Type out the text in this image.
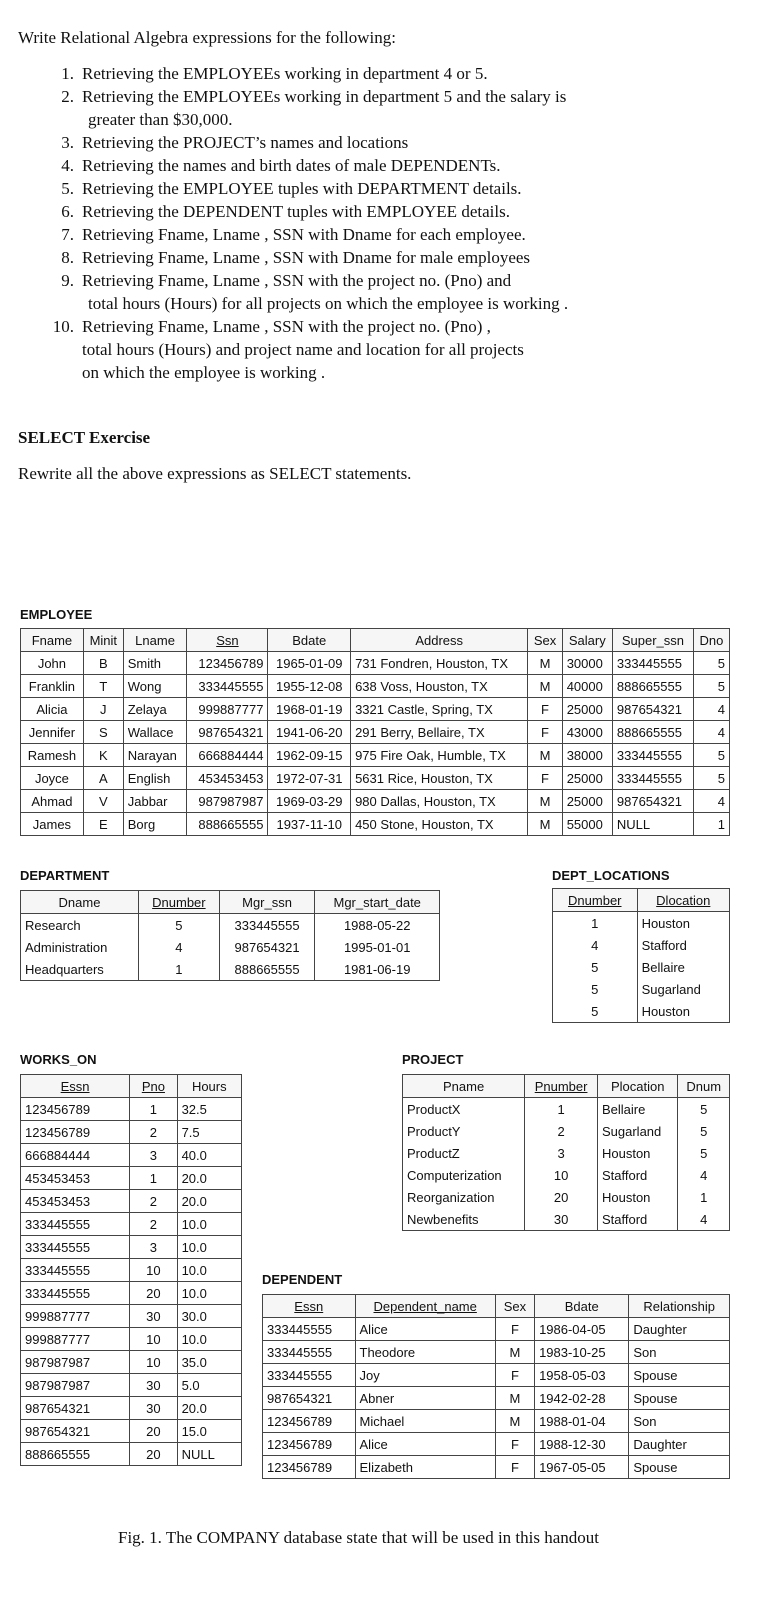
Write Relational Algebra expressions for the following:
1. Retrieving the EMPLOYEEs working in department 4 or 5.
2. Retrieving the EMPLOYEEs working in department 5 and the salary is
greater than $30,000.
3. Retrieving the PROJECT’s names and locations
4. Retrieving the names and birth dates of male DEPENDENTs.
5. Retrieving the EMPLOYEE tuples with DEPARTMENT details.
6. Retrieving the DEPENDENT tuples with EMPLOYEE details.
7. Retrieving Fname, Lname , SSN with Dname for each employee.
8. Retrieving Fname, Lname , SSN with Dname for male employees
9. Retrieving Fname, Lname , SSN with the project no. (Pno) and
total hours (Hours) for all projects on which the employee is working .
10. Retrieving Fname, Lname , SSN with the project no. (Pno) ,
total hours (Hours) and project name and location for all projects
on which the employee is working .
SELECT Exercise
Rewrite all the above expressions as SELECT statements.
EMPLOYEE
Fname	Minit	Lname	Ssn	Bdate	Address	Sex	Salary	Super_ssn	Dno
John	B	Smith	123456789	1965-01-09	731 Fondren, Houston, TX	M	30000	333445555	5
Franklin	T	Wong	333445555	1955-12-08	638 Voss, Houston, TX	M	40000	888665555	5
Alicia	J	Zelaya	999887777	1968-01-19	3321 Castle, Spring, TX	F	25000	987654321	4
Jennifer	S	Wallace	987654321	1941-06-20	291 Berry, Bellaire, TX	F	43000	888665555	4
Ramesh	K	Narayan	666884444	1962-09-15	975 Fire Oak, Humble, TX	M	38000	333445555	5
Joyce	A	English	453453453	1972-07-31	5631 Rice, Houston, TX	F	25000	333445555	5
Ahmad	V	Jabbar	987987987	1969-03-29	980 Dallas, Houston, TX	M	25000	987654321	4
James	E	Borg	888665555	1937-11-10	450 Stone, Houston, TX	M	55000	NULL	1
DEPARTMENT
Dname	Dnumber	Mgr_ssn	Mgr_start_date
Research	5	333445555	1988-05-22
Administration	4	987654321	1995-01-01
Headquarters	1	888665555	1981-06-19
DEPT_LOCATIONS
Dnumber	Dlocation
1	Houston
4	Stafford
5	Bellaire
5	Sugarland
5	Houston
WORKS_ON
Essn	Pno	Hours
123456789	1	32.5
123456789	2	7.5
666884444	3	40.0
453453453	1	20.0
453453453	2	20.0
333445555	2	10.0
333445555	3	10.0
333445555	10	10.0
333445555	20	10.0
999887777	30	30.0
999887777	10	10.0
987987987	10	35.0
987987987	30	5.0
987654321	30	20.0
987654321	20	15.0
888665555	20	NULL
PROJECT
Pname	Pnumber	Plocation	Dnum
ProductX	1	Bellaire	5
ProductY	2	Sugarland	5
ProductZ	3	Houston	5
Computerization	10	Stafford	4
Reorganization	20	Houston	1
Newbenefits	30	Stafford	4
DEPENDENT
Essn	Dependent_name	Sex	Bdate	Relationship
333445555	Alice	F	1986-04-05	Daughter
333445555	Theodore	M	1983-10-25	Son
333445555	Joy	F	1958-05-03	Spouse
987654321	Abner	M	1942-02-28	Spouse
123456789	Michael	M	1988-01-04	Son
123456789	Alice	F	1988-12-30	Daughter
123456789	Elizabeth	F	1967-05-05	Spouse
Fig. 1. The COMPANY database state that will be used in this handout
